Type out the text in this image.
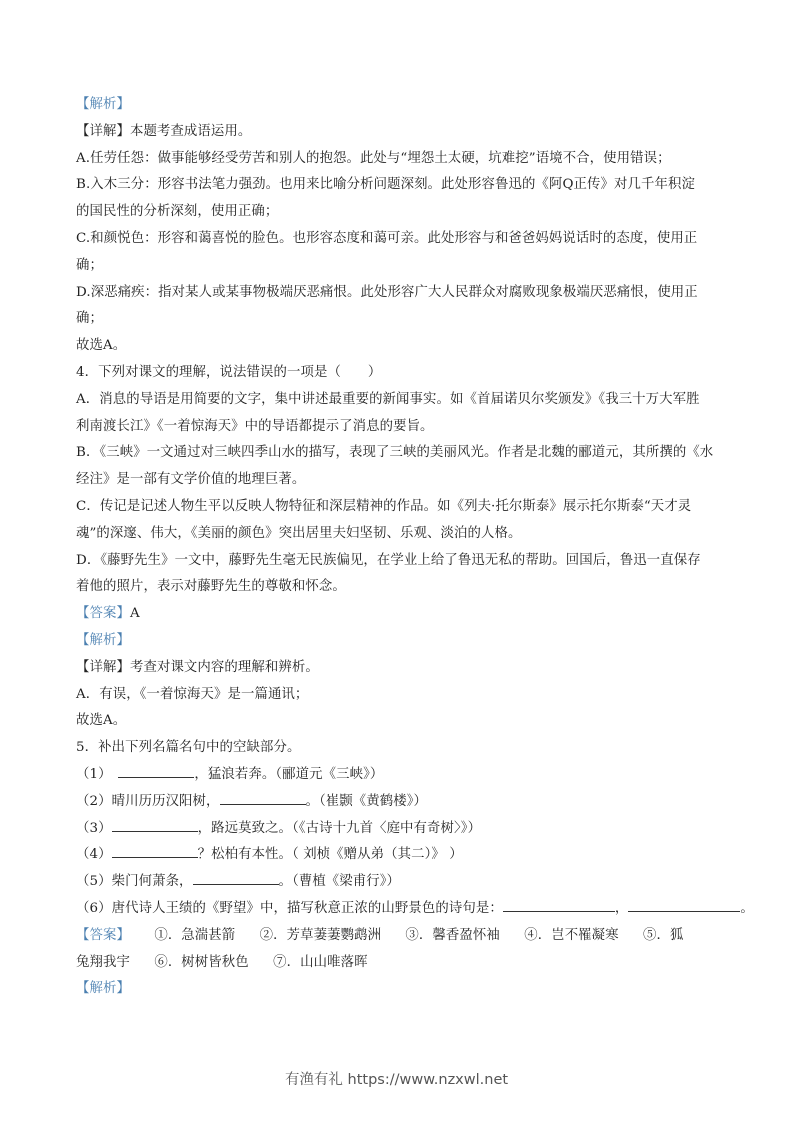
【解析】
【详解】本题考查成语运用。
A.任劳任怨：做事能够经受劳苦和别人的抱怨。此处与“埋怨土太硬，坑难挖”语境不合，使用错误；
B.入木三分：形容书法笔力强劲。也用来比喻分析问题深刻。此处形容鲁迅的《阿Q正传》对几千年积淀
的国民性的分析深刻，使用正确；
C.和颜悦色：形容和蔼喜悦的脸色。也形容态度和蔼可亲。此处形容与和爸爸妈妈说话时的态度，使用正
确；
D.深恶痛疾：指对某人或某事物极端厌恶痛恨。此处形容广大人民群众对腐败现象极端厌恶痛恨，使用正
确；
故选A。
4．下列对课文的理解，说法错误的一项是（　　）
A．消息的导语是用简要的文字，集中讲述最重要的新闻事实。如《首届诺贝尔奖颁发》《我三十万大军胜
利南渡长江》《一着惊海天》中的导语都提示了消息的要旨。
B．《三峡》一文通过对三峡四季山水的描写，表现了三峡的美丽风光。作者是北魏的郦道元，其所撰的《水
经注》是一部有文学价值的地理巨著。
C．传记是记述人物生平以反映人物特征和深层精神的作品。如《列夫·托尔斯泰》展示托尔斯泰“天才灵
魂”的深邃、伟大，《美丽的颜色》突出居里夫妇坚韧、乐观、淡泊的人格。
D．《藤野先生》一文中，藤野先生毫无民族偏见，在学业上给了鲁迅无私的帮助。回国后，鲁迅一直保存
着他的照片，表示对藤野先生的尊敬和怀念。
【答案】A
【解析】
【详解】考查对课文内容的理解和辨析。
A．有误，《一着惊海天》是一篇通讯；
故选A。
5．补出下列名篇名句中的空缺部分。
（1）　	，猛浪若奔。（郦道元《三峡》）
（2）晴川历历汉阳树，	。（崔颢《黄鹤楼》）
（3）	，路远莫致之。（《古诗十九首〈庭中有奇树〉》）
（4）	？松柏有本性。（ 刘桢《赠从弟（其二）》 ）
（5）柴门何萧条，	。（曹植《梁甫行》）
（6）唐代诗人王绩的《野望》中，描写秋意正浓的山野景色的诗句是：	，	。
【答案】 ①．急湍甚箭 ②．芳草萋萋鹦鹉洲 ③．馨香盈怀袖 ④．岂不罹凝寒 ⑤．狐
兔翔我宇 ⑥．树树皆秋色 ⑦．山山唯落晖
【解析】
有渔有礼 https://www.nzxwl.net
